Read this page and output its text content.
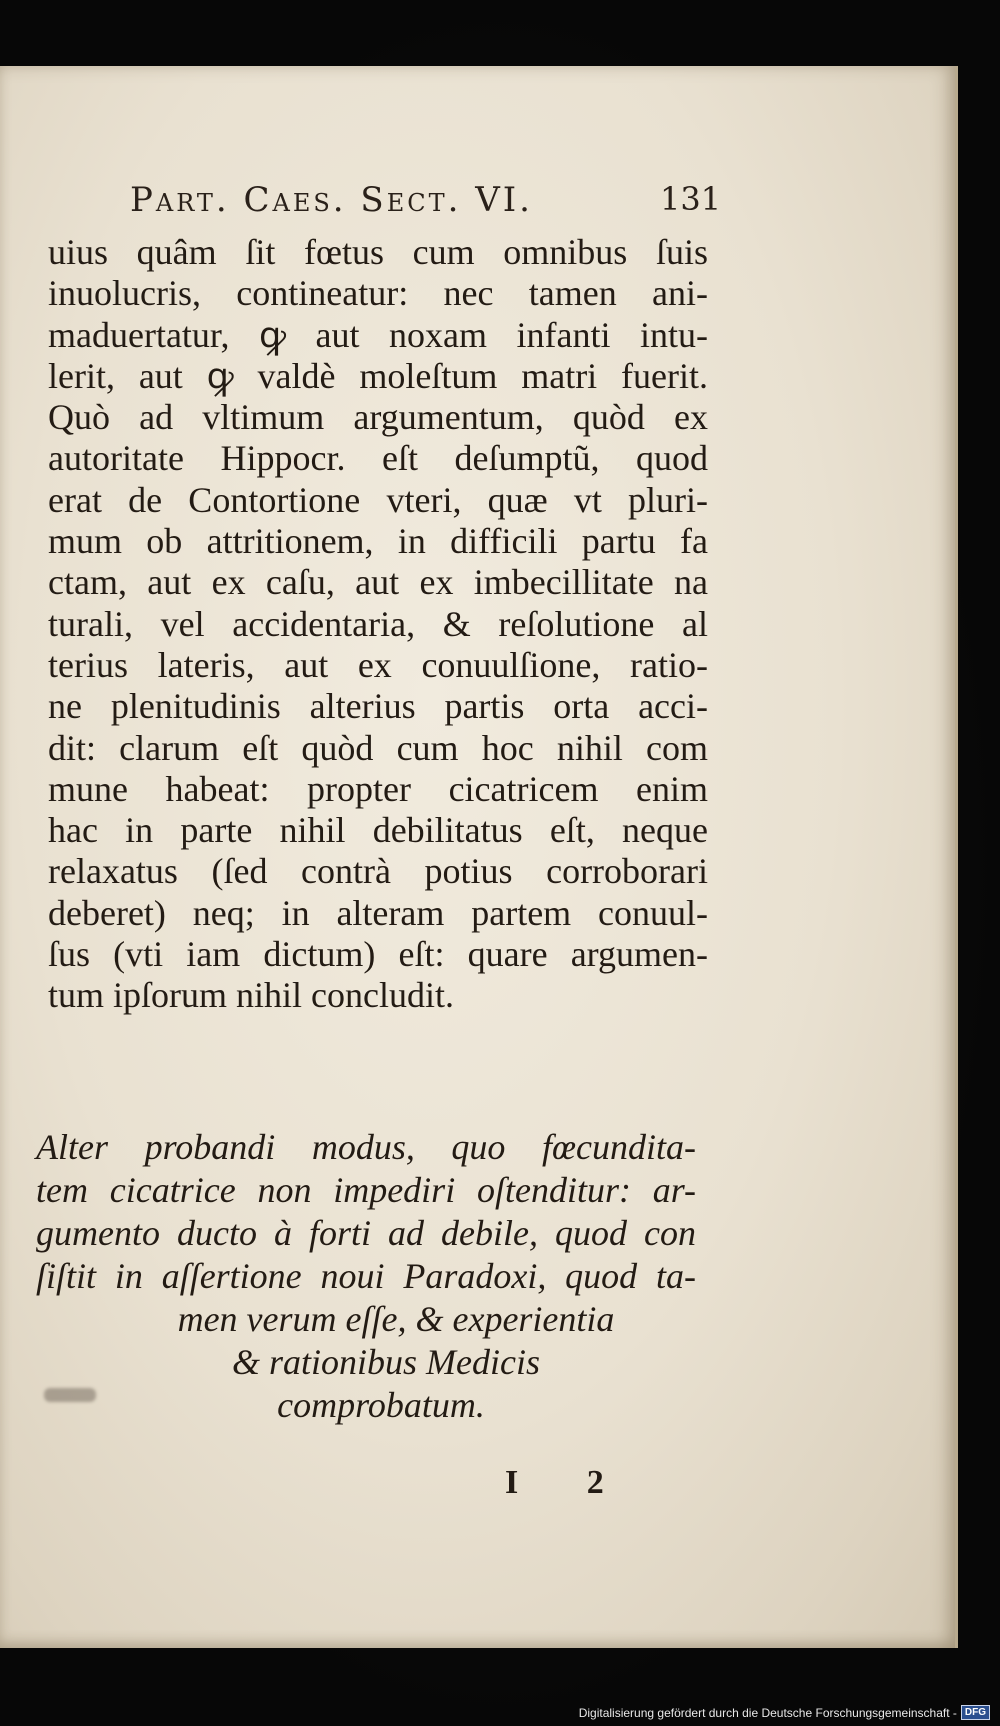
Part. Caes. Sect. VI.	131
uius quâm ſit fœtus cum omnibus ſuis
inuolucris, contineatur: nec tamen ani-
maduertatur, ꝙ aut noxam infanti intu-
lerit, aut ꝙ valdè moleſtum matri fuerit.
Quò ad vltimum argumentum, quòd ex
autoritate Hippocr. eſt deſumptũ, quod
erat de Contortione vteri, quæ vt pluri-
mum ob attritionem, in difficili partu fa
ctam, aut ex caſu, aut ex imbecillitate na
turali, vel accidentaria, & reſolutione al
terius lateris, aut ex conuulſione, ratio-
ne plenitudinis alterius partis orta acci-
dit: clarum eſt quòd cum hoc nihil com
mune habeat: propter cicatricem enim
hac in parte nihil debilitatus eſt, neque
relaxatus (ſed contrà potius corroborari
deberet) neq; in alteram partem conuul-
ſus (vti iam dictum) eſt: quare argumen-
tum ipſorum nihil concludit.
Alter probandi modus, quo fœcundita-
tem cicatrice non impediri oſtenditur: ar-
gumento ducto à forti ad debile, quod con
ſiſtit in aſſertione noui Paradoxi, quod ta-
men verum eſſe, & experientia
& rationibus Medicis
comprobatum.
I 2
Digitalisierung gefördert durch die Deutsche Forschungsgemeinschaft - DFG
